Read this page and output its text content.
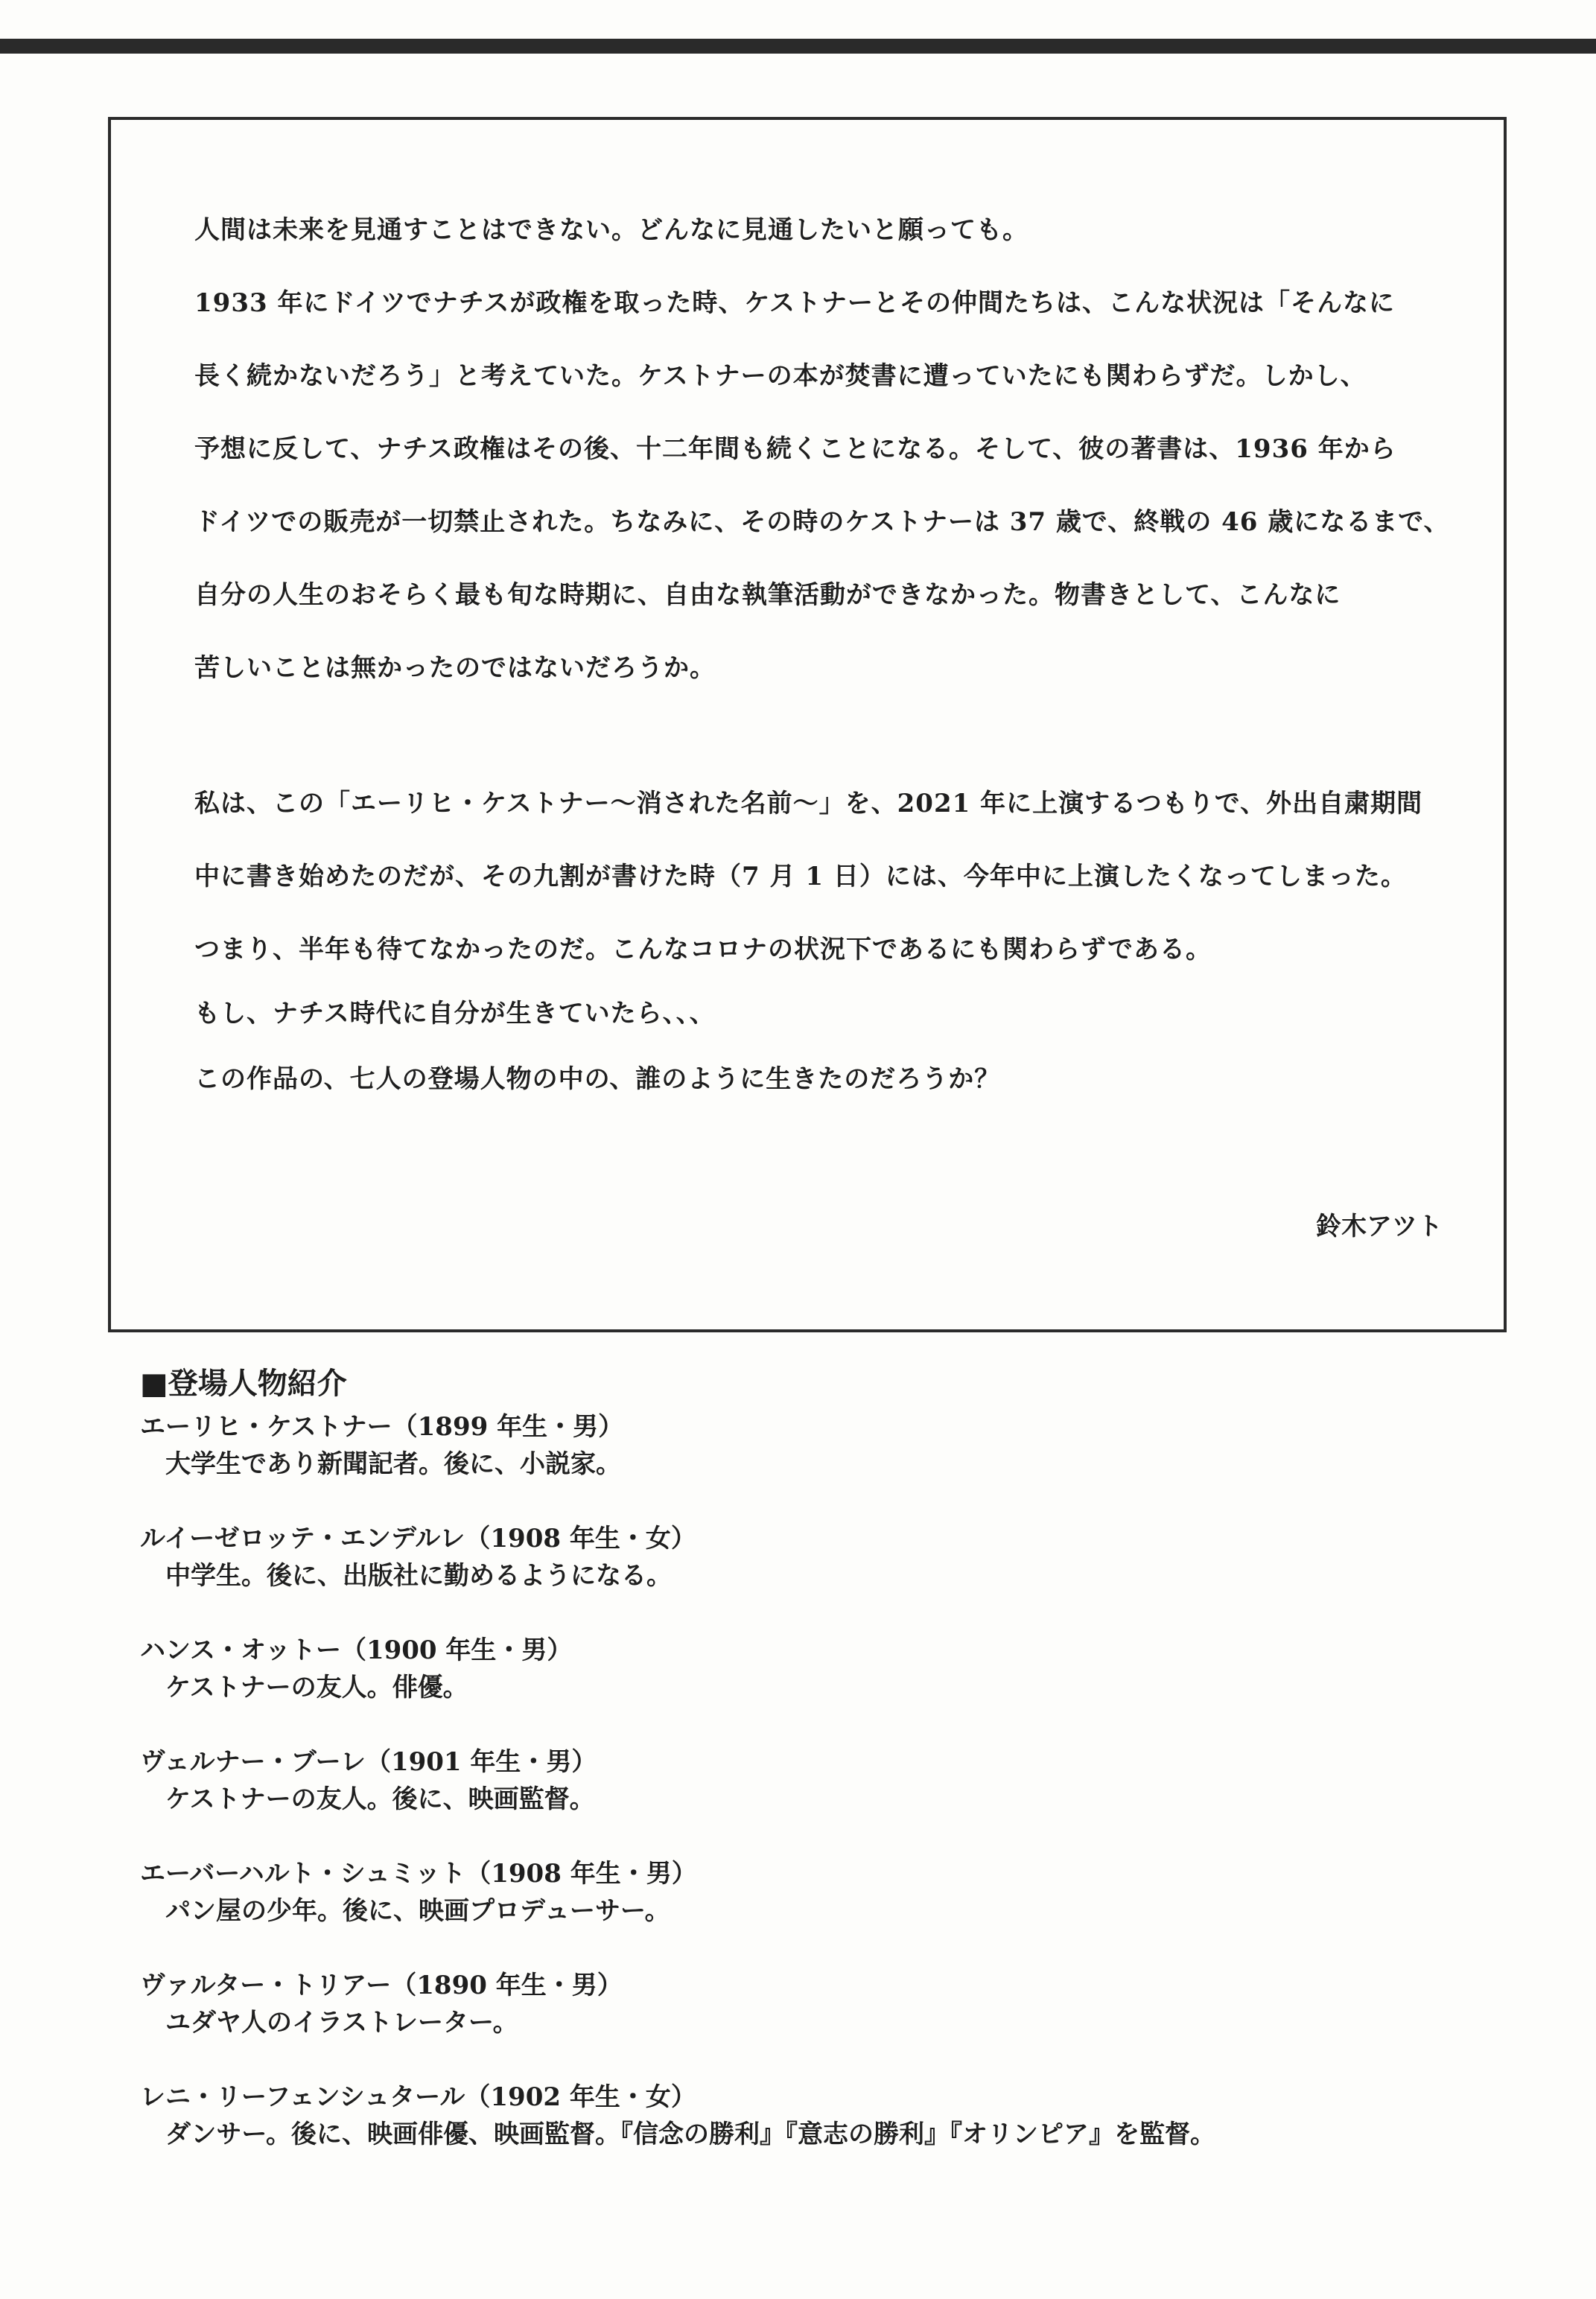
人間は未来を見通すことはできない。どんなに見通したいと願っても。
1933 年にドイツでナチスが政権を取った時、ケストナーとその仲間たちは、こんな状況は「そんなに
長く続かないだろう」と考えていた。ケストナーの本が焚書に遭っていたにも関わらずだ。しかし、
予想に反して、ナチス政権はその後、十二年間も続くことになる。そして、彼の著書は、1936 年から
ドイツでの販売が一切禁止された。ちなみに、その時のケストナーは 37 歳で、終戦の 46 歳になるまで、
自分の人生のおそらく最も旬な時期に、自由な執筆活動ができなかった。物書きとして、こんなに
苦しいことは無かったのではないだろうか。
私は、この「エーリヒ・ケストナー～消された名前～」を、2021 年に上演するつもりで、外出自粛期間
中に書き始めたのだが、その九割が書けた時（7 月 1 日）には、今年中に上演したくなってしまった。
つまり、半年も待てなかったのだ。こんなコロナの状況下であるにも関わらずである。
もし、ナチス時代に自分が生きていたら、、、
この作品の、七人の登場人物の中の、誰のように生きたのだろうか？
鈴木アツト
■登場人物紹介
エーリヒ・ケストナー（1899 年生・男）
大学生であり新聞記者。後に、小説家。
ルイーゼロッテ・エンデルレ（1908 年生・女）
中学生。後に、出版社に勤めるようになる。
ハンス・オットー（1900 年生・男）
ケストナーの友人。俳優。
ヴェルナー・ブーレ（1901 年生・男）
ケストナーの友人。後に、映画監督。
エーバーハルト・シュミット（1908 年生・男）
パン屋の少年。後に、映画プロデューサー。
ヴァルター・トリアー（1890 年生・男）
ユダヤ人のイラストレーター。
レニ・リーフェンシュタール（1902 年生・女）
ダンサー。後に、映画俳優、映画監督。『信念の勝利』『意志の勝利』『オリンピア』を監督。
